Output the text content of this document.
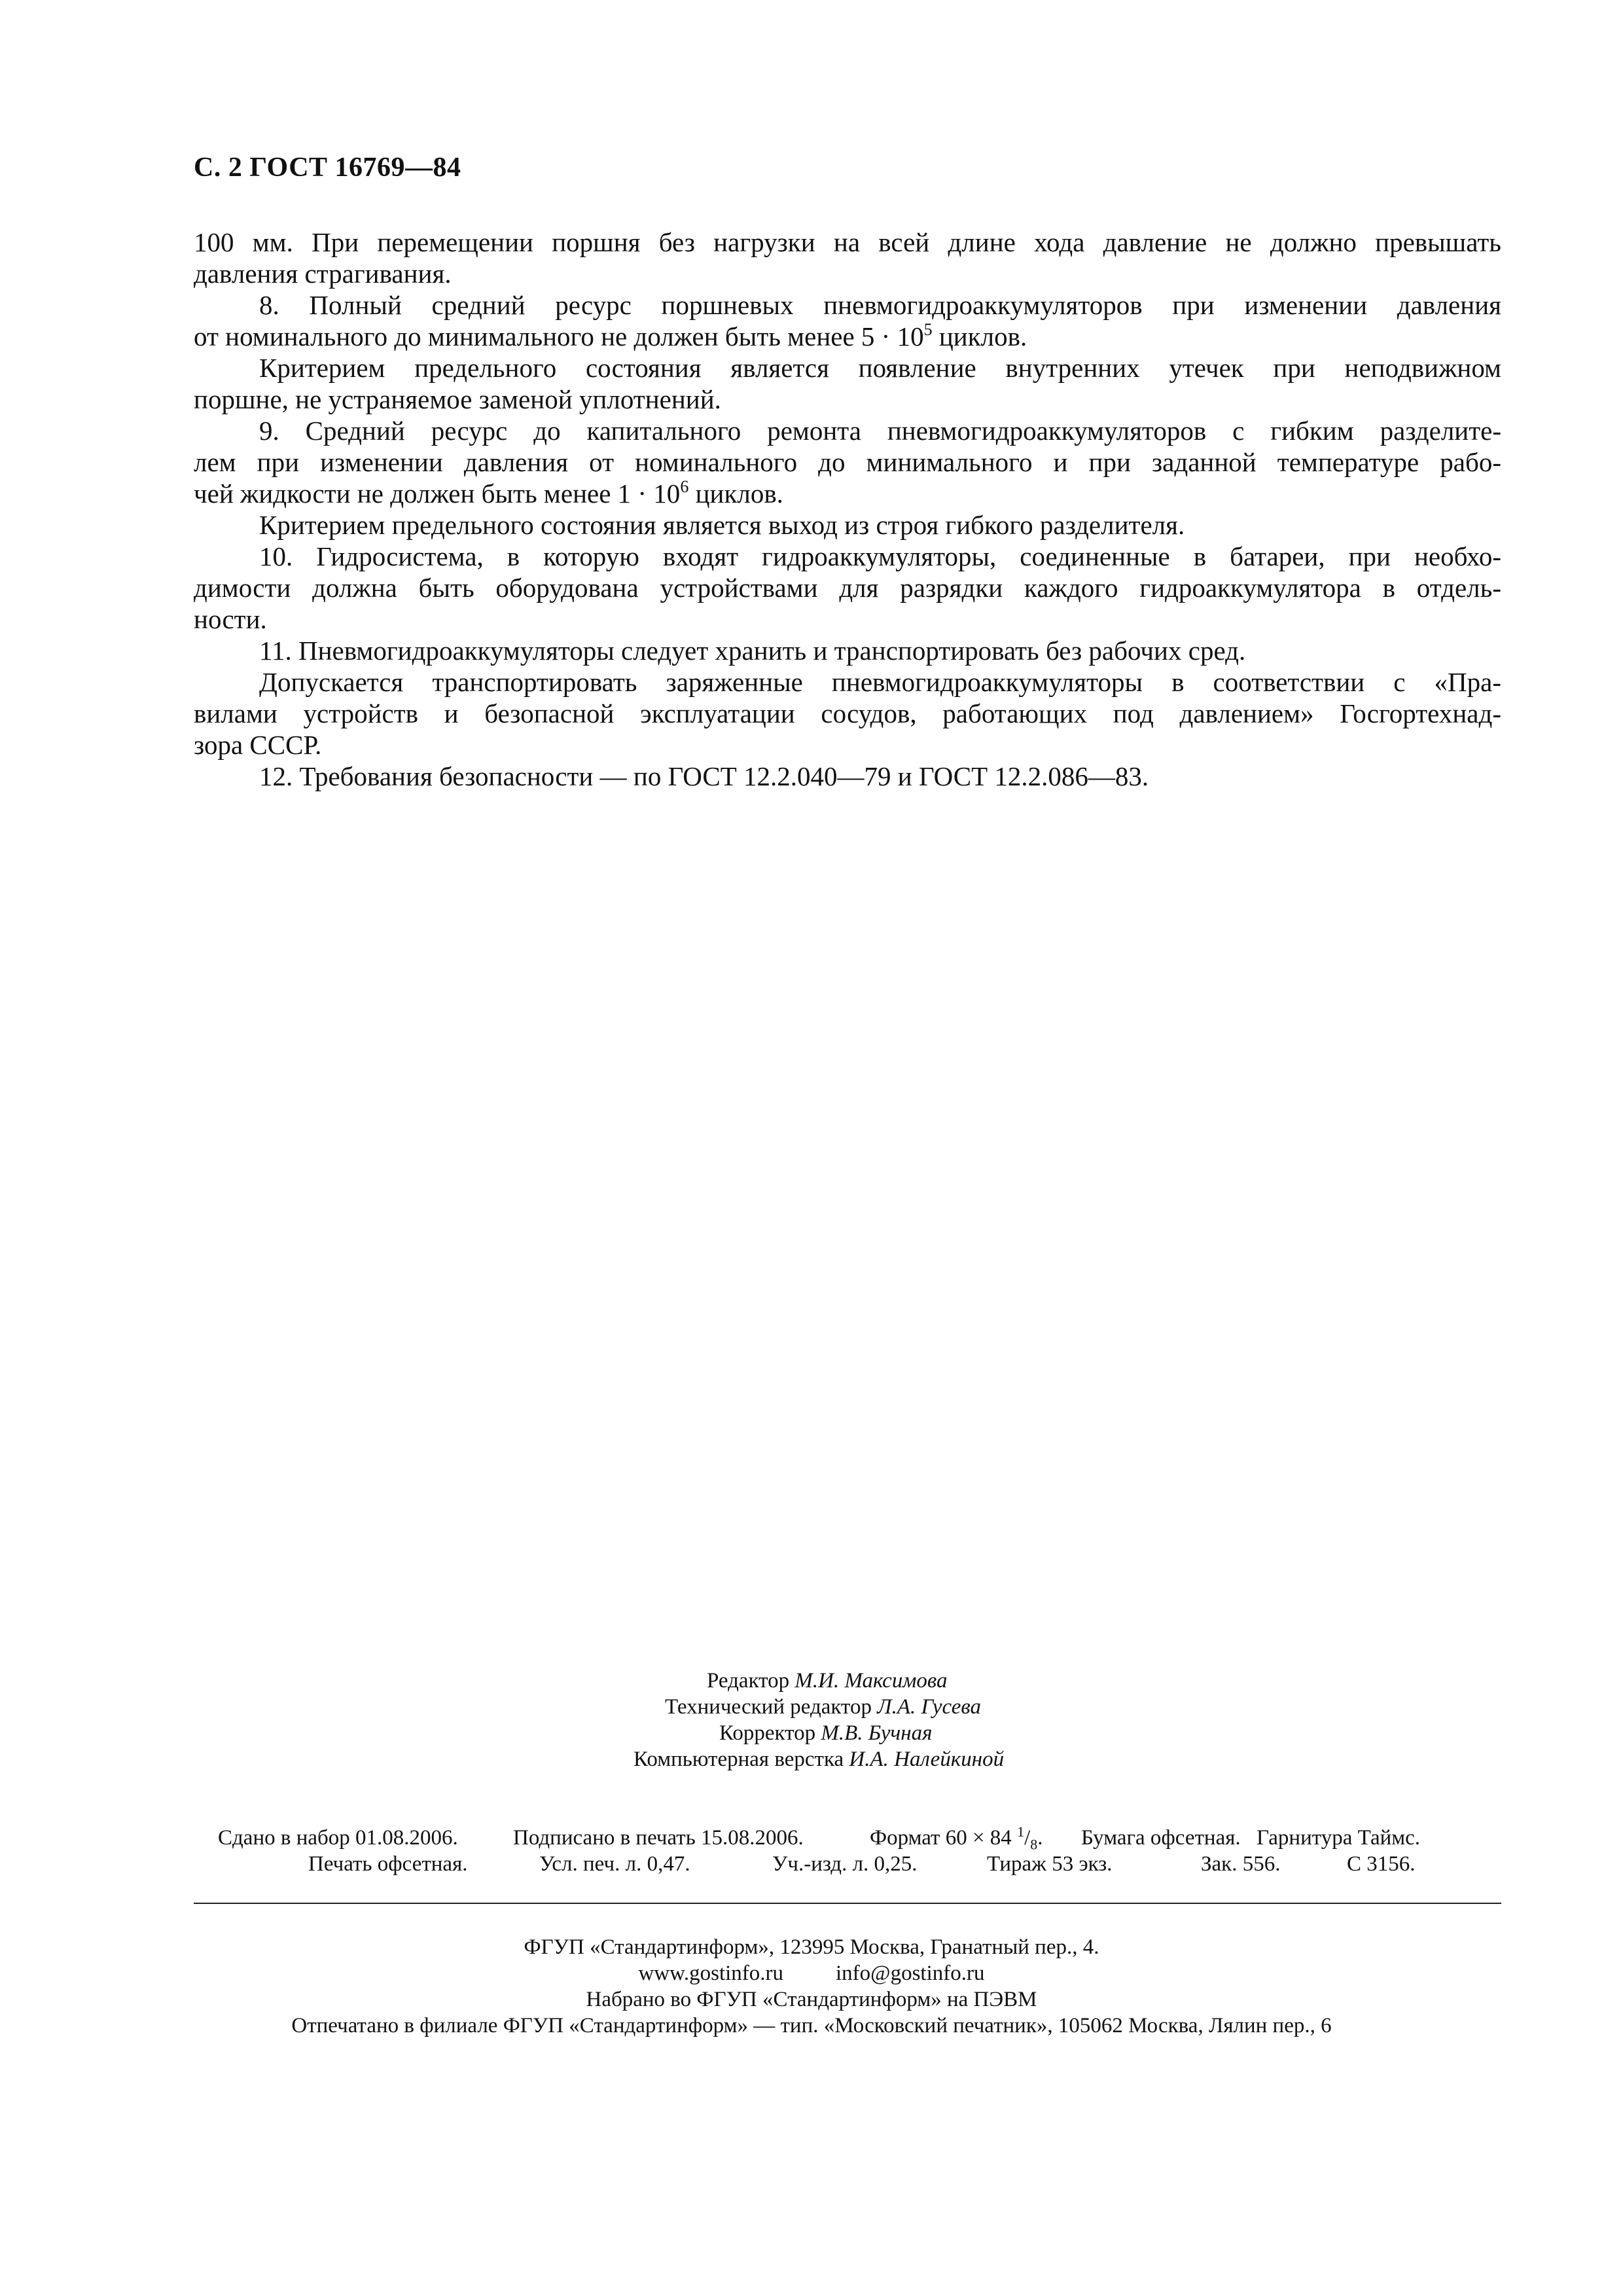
С. 2 ГОСТ 16769—84

100 мм. При перемещении поршня без нагрузки на всей длине хода давление не должно превышать
давления страгивания.

8. Полный средний ресурс поршневых пневмогидроаккумуляторов при изменении давления
от номинального до минимального не должен быть менее $5 \cdot 10^5$ циклов.

Критерием предельного состояния является появление внутренних утечек при неподвижном
поршне, не устраняемое заменой уплотнений.

9. Средний ресурс до капитального ремонта пневмогидроаккумуляторов с гибким разделите-
лем при изменении давления от номинального до минимального и при заданной температуре рабо-
чей жидкости не должен быть менее $1 \cdot 10^6$ циклов.

Критерием предельного состояния является выход из строя гибкого разделителя.

10. Гидросистема, в которую входят гидроаккумуляторы, соединенные в батареи, при необхо-
димости должна быть оборудована устройствами для разрядки каждого гидроаккумулятора в отдель-
ности.

11. Пневмогидроаккумуляторы следует хранить и транспортировать без рабочих сред.

Допускается транспортировать заряженные пневмогидроаккумуляторы в соответствии с «Пра-
вилами устройств и безопасной эксплуатации сосудов, работающих под давлением» Госгортехнад-
зора СССР.

12. Требования безопасности — по ГОСТ 12.2.040—79 и ГОСТ 12.2.086—83.

Редактор М.И. Максимова
Технический редактор Л.А. Гусева
Корректор М.В. Бучная
Компьютерная верстка И.А. Налейкиной
Сдано в набор 01.08.2006.	Подписано в печать 15.08.2006.	Формат 60 × 84 $^1/_8$. Бумага офсетная. Гарнитура Таймс.
Печать офсетная.	Усл. печ. л. 0,47.	Уч.-изд. л. 0,25.	Тираж 53 экз.	Зак. 556.	С 3156.
ФГУП «Стандартинформ», 123995 Москва, Гранатный пер., 4.
www.gostinfo.ru info@gostinfo.ru
Набрано во ФГУП «Стандартинформ» на ПЭВМ
Отпечатано в филиале ФГУП «Стандартинформ» — тип. «Московский печатник», 105062 Москва, Лялин пер., 6
